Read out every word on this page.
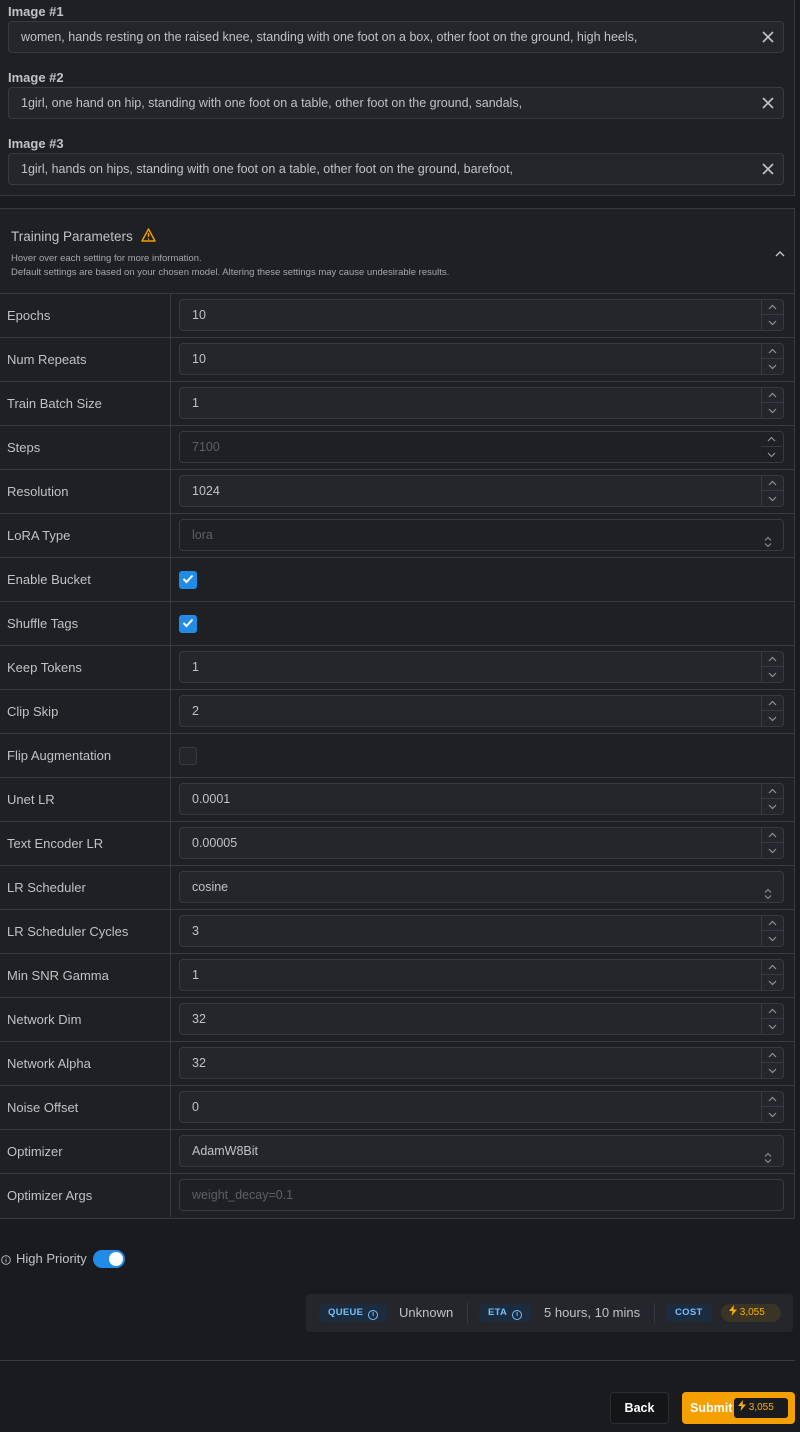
Image #1
women, hands resting on the raised knee, standing with one foot on a box, other foot on the ground, high heels,
Image #2
1girl, one hand on hip, standing with one foot on a table, other foot on the ground, sandals,
Image #3
1girl, hands on hips, standing with one foot on a table, other foot on the ground, barefoot,
Training Parameters
Hover over each setting for more information.
Default settings are based on your chosen model. Altering these settings may cause undesirable results.
Epochs	10
Num Repeats	10
Train Batch Size	1
Steps	7100
Resolution	1024
LoRA Type	lora
Enable Bucket
Shuffle Tags
Keep Tokens	1
Clip Skip	2
Flip Augmentation
Unet LR	0.0001
Text Encoder LR	0.00005
LR Scheduler	cosine
LR Scheduler Cycles	3
Min SNR Gamma	1
Network Dim	32
Network Alpha	32
Noise Offset	0
Optimizer	AdamW8Bit
Optimizer Args	weight_decay=0.1
High Priority
QUEUE i	Unknown	ETA i	5 hours, 10 mins	COST	3,055
Back	Submit	3,055
